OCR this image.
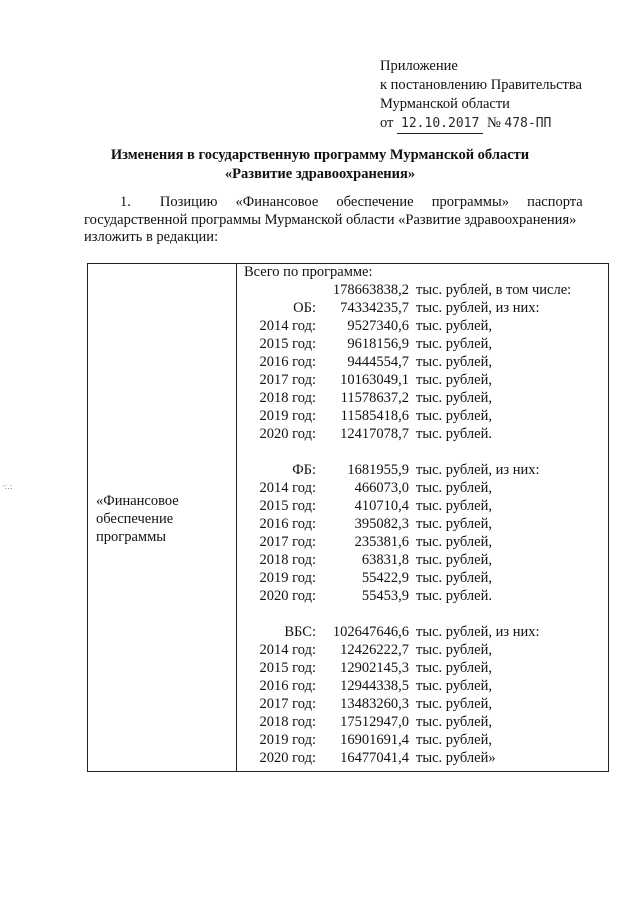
Приложение
к постановлению Правительства
Мурманской области
от 12.10.2017 № 478-ПП
Изменения в государственную программу Мурманской области
«Развитие здравоохранения»
1.        Позицию     «Финансовое     обеспечение     программы»     паспорта
государственной программы Мурманской области «Развитие здравоохранения»
изложить в редакции:
«Финансовое
обеспечение
программы
Всего по программе:
178663838,2 тыс. рублей, в том числе:
ОБ: 74334235,7 тыс. рублей, из них:
2014 год: 9527340,6 тыс. рублей,
2015 год: 9618156,9 тыс. рублей,
2016 год: 9444554,7 тыс. рублей,
2017 год: 10163049,1 тыс. рублей,
2018 год: 11578637,2 тыс. рублей,
2019 год: 11585418,6 тыс. рублей,
2020 год: 12417078,7 тыс. рублей.
ФБ: 1681955,9 тыс. рублей, из них:
2014 год:	466073,0 тыс. рублей,
2015 год:	410710,4 тыс. рублей,
2016 год:	395082,3 тыс. рублей,
2017 год:	235381,6 тыс. рублей,
2018 год:	63831,8 тыс. рублей,
2019 год:	55422,9 тыс. рублей,
2020 год:	55453,9 тыс. рублей.
ВБС: 102647646,6 тыс. рублей, из них:
2014 год: 12426222,7 тыс. рублей,
2015 год: 12902145,3 тыс. рублей,
2016 год: 12944338,5 тыс. рублей,
2017 год: 13483260,3 тыс. рублей,
2018 год: 17512947,0 тыс. рублей,
2019 год: 16901691,4 тыс. рублей,
2020 год: 16477041,4 тыс. рублей»
·:.:
